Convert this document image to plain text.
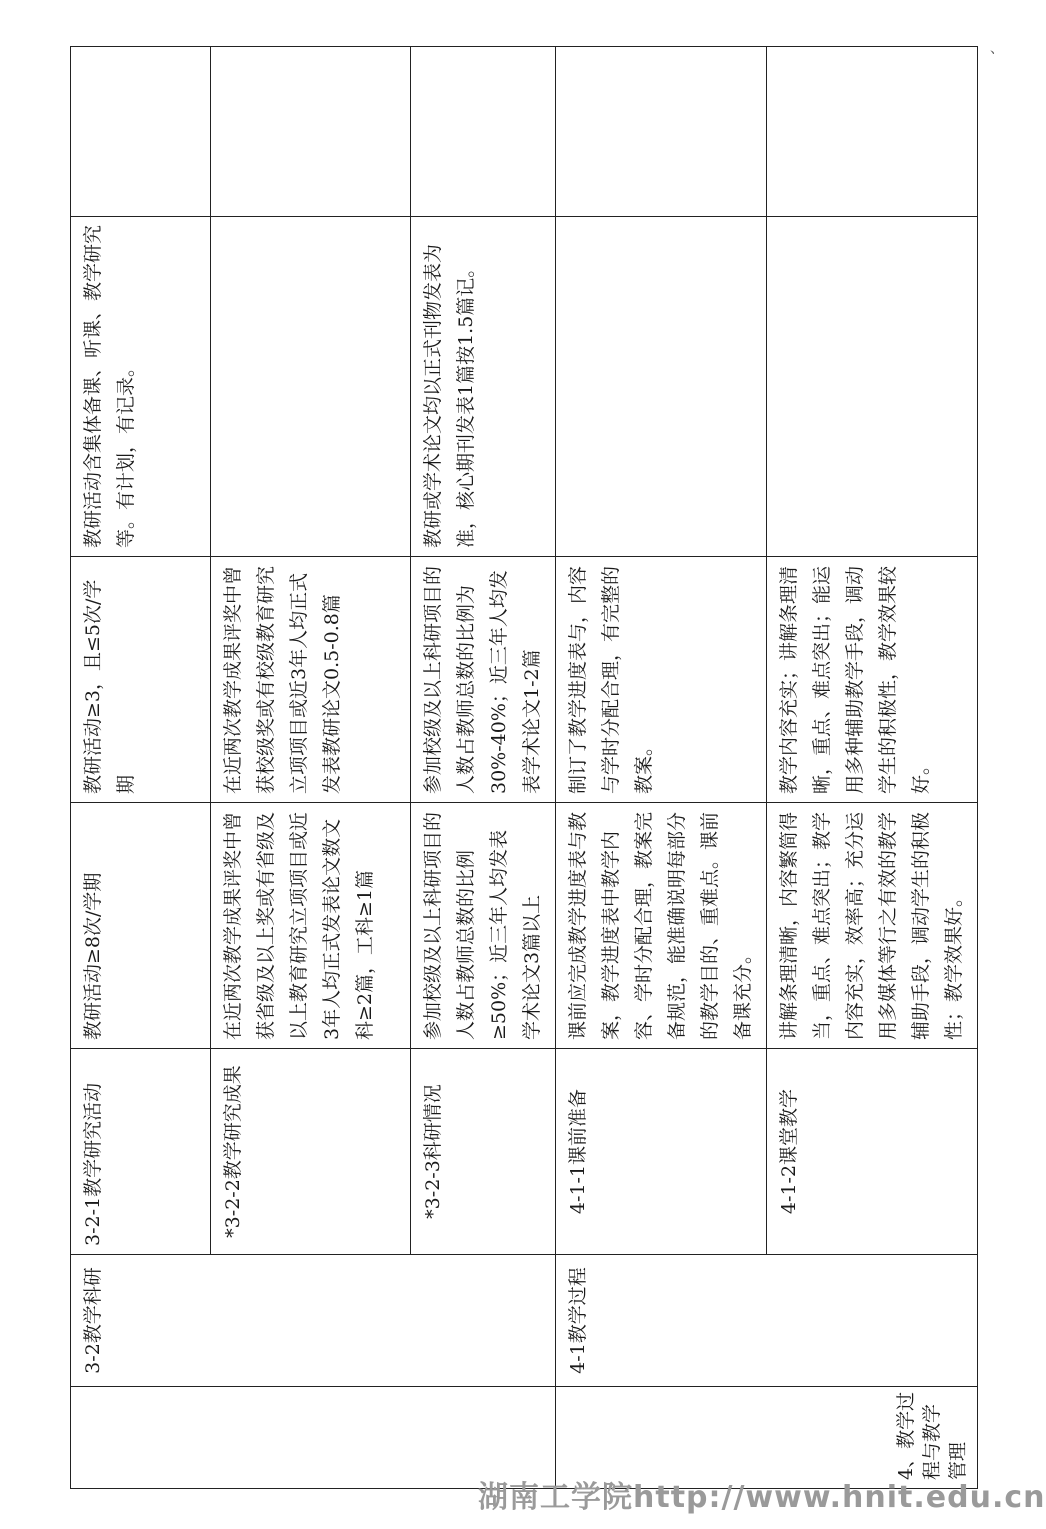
	3-2教学科研	3-2-1教学研究活动	教研活动≥8次/学期	教研活动≥3，且≤5次/学期	教研活动含集体备课、听课、教学研究等。有计划，有记录。	
		*3-2-2教学研究成果	在近两次教学成果评奖中曾获省级及以上奖或有省级及以上教育研究立项项目或近3年人均正式发表论文数文科≥2篇，工科≥1篇	在近两次教学成果评奖中曾获校级奖或有校级教育研究立项项目或近3年人均正式发表教研论文0.5-0.8篇		
		*3-2-3科研情况	参加校级及以上科研项目的人数占教师总数的比例≥50%；近三年人均发表学术论文3篇以上	参加校级及以上科研项目的人数占教师总数的比例为30%-40%；近三年人均发表学术论文1-2篇	教研或学术论文均以正式刊物发表为准，核心期刊发表1篇按1.5篇记。	

4、教学过程与教学管理	4-1教学过程	4-1-1课前准备	课前应完成教学进度表与教案，教学进度表中教学内容、学时分配合理，教案完备规范，能准确说明每部分的教学目的、重难点。课前备课充分。	制订了教学进度表与，内容与学时分配合理，有完整的教案。		
		4-1-2课堂教学	讲解条理清晰，内容繁简得当，重点、难点突出；教学内容充实，效率高；充分运用多媒体等行之有效的教学辅助手段，调动学生的积极性；教学效果好。	教学内容充实；讲解条理清晰，重点、难点突出；能运用多种辅助教学手段，调动学生的积极性，教学效果较好。		
湖南工学院http://www.hnit.edu.cn
、
